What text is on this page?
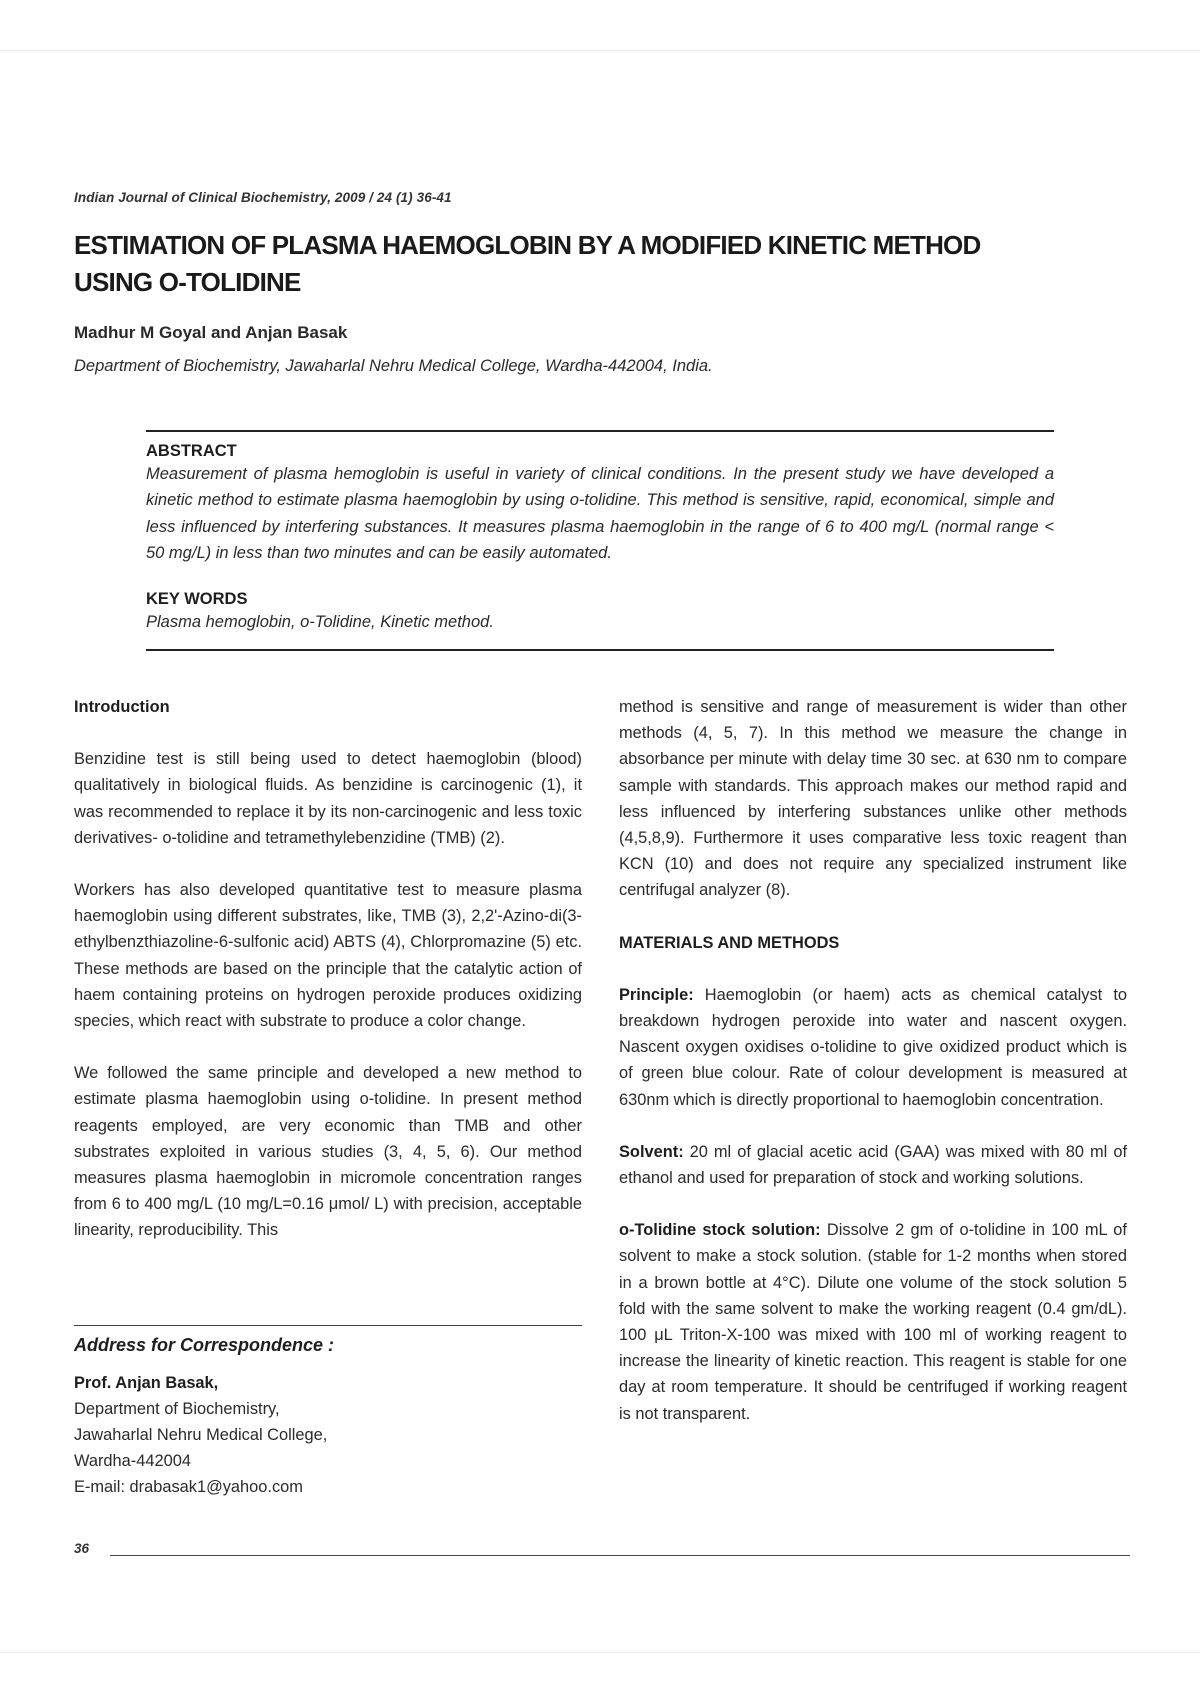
Indian Journal of Clinical Biochemistry, 2009 / 24 (1) 36-41
ESTIMATION OF PLASMA HAEMOGLOBIN BY A MODIFIED KINETIC METHOD
USING O-TOLIDINE
Madhur M Goyal and Anjan Basak
Department of Biochemistry, Jawaharlal Nehru Medical College, Wardha-442004, India.
ABSTRACT
Measurement of plasma hemoglobin is useful in variety of clinical conditions. In the present study we have developed a kinetic method to estimate plasma haemoglobin by using o-tolidine. This method is sensitive, rapid, economical, simple and less influenced by interfering substances. It measures plasma haemoglobin in the range of 6 to 400 mg/L (normal range < 50 mg/L) in less than two minutes and can be easily automated.
KEY WORDS
Plasma hemoglobin, o-Tolidine, Kinetic method.
Introduction

Benzidine test is still being used to detect haemoglobin (blood) qualitatively in biological fluids. As benzidine is carcinogenic (1), it was recommended to replace it by its non-carcinogenic and less toxic derivatives- o-tolidine and tetramethylebenzidine (TMB) (2).

Workers has also developed quantitative test to measure plasma haemoglobin using different substrates, like, TMB (3), 2,2'-Azino-di(3- ethylbenzthiazoline-6-sulfonic acid) ABTS (4), Chlorpromazine (5) etc. These methods are based on the principle that the catalytic action of haem containing proteins on hydrogen peroxide produces oxidizing species, which react with substrate to produce a color change.

We followed the same principle and developed a new method to estimate plasma haemoglobin using o-tolidine. In present method reagents employed, are very economic than TMB and other substrates exploited in various studies (3, 4, 5, 6). Our method measures plasma haemoglobin in micromole concentration ranges from 6 to 400 mg/L (10 mg/L=0.16 μmol/ L) with precision, acceptable linearity, reproducibility. This

Address for Correspondence :
Prof. Anjan Basak,
Department of Biochemistry,
Jawaharlal Nehru Medical College,
Wardha-442004
E-mail: drabasak1@yahoo.com

method is sensitive and range of measurement is wider than other methods (4, 5, 7). In this method we measure the change in absorbance per minute with delay time 30 sec. at 630 nm to compare sample with standards. This approach makes our method rapid and less influenced by interfering substances unlike other methods (4,5,8,9). Furthermore it uses comparative less toxic reagent than KCN (10) and does not require any specialized instrument like centrifugal analyzer (8).

MATERIALS AND METHODS

Principle: Haemoglobin (or haem) acts as chemical catalyst to breakdown hydrogen peroxide into water and nascent oxygen. Nascent oxygen oxidises o-tolidine to give oxidized product which is of green blue colour. Rate of colour development is measured at 630nm which is directly proportional to haemoglobin concentration.

Solvent: 20 ml of glacial acetic acid (GAA) was mixed with 80 ml of ethanol and used for preparation of stock and working solutions.

o-Tolidine stock solution: Dissolve 2 gm of o-tolidine in 100 mL of solvent to make a stock solution. (stable for 1-2 months when stored in a brown bottle at 4°C). Dilute one volume of the stock solution 5 fold with the same solvent to make the working reagent (0.4 gm/dL). 100 μL Triton-X-100 was mixed with 100 ml of working reagent to increase the linearity of kinetic reaction. This reagent is stable for one day at room temperature. It should be centrifuged if working reagent is not transparent.

36
